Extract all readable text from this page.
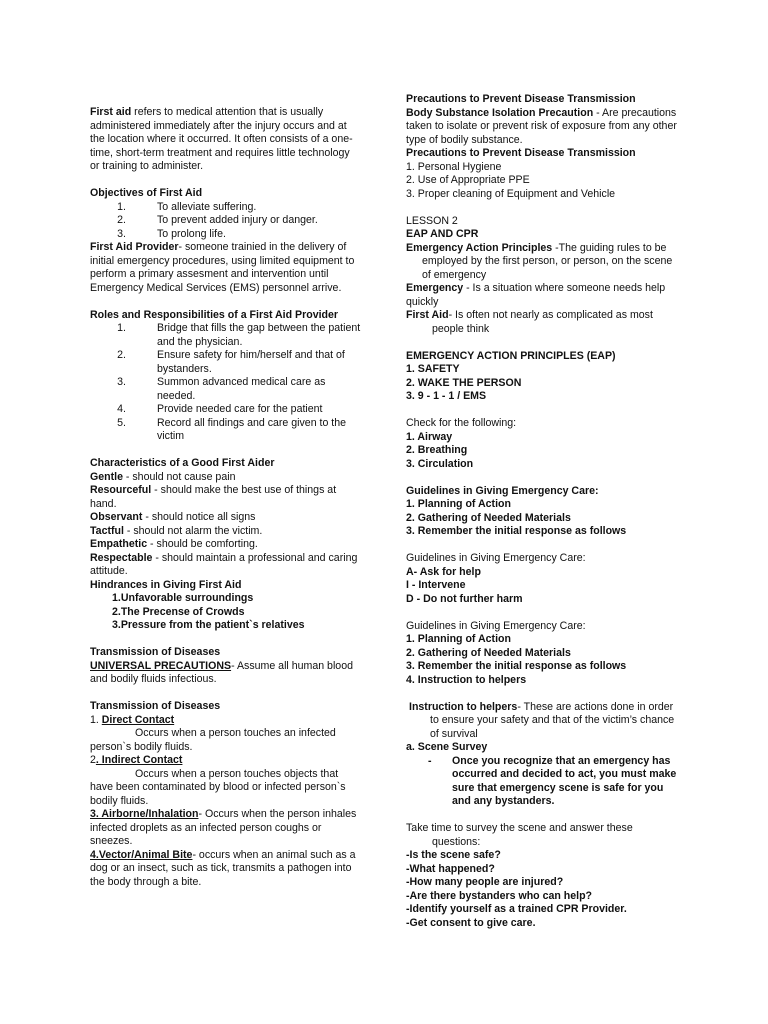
First aid refers to medical attention that is usually administered immediately after the injury occurs and at the location where it occurred. It often consists of a one-time, short-term treatment and requires little technology or training to administer.

Objectives of First Aid

1.	To alleviate suffering.
2.	To prevent added injury or danger.
3.	To prolong life.

First Aid Provider- someone trainied in the delivery of initial emergency procedures, using limited equipment to perform a primary assesment and intervention until Emergency Medical Services (EMS) personnel arrive.

Roles and Responsibilities of a First Aid Provider

1.	Bridge that fills the gap between the patient and the physician.
2.	Ensure safety for him/herself and that of bystanders.
3.	Summon advanced medical care as needed.
4.	Provide needed care for the patient
5.	Record all findings and care given to the victim

Characteristics of a Good First Aider

Gentle - should not cause pain

Resourceful - should make the best use of things at hand.

Observant - should notice all signs

Tactful - should not alarm the victim.

Empathetic - should be comforting.

Respectable - should maintain a professional and caring attitude.

Hindrances in Giving First Aid

1.Unfavorable surroundings

2.The Precense of Crowds

3.Pressure from the patient`s relatives

Transmission of Diseases

UNIVERSAL PRECAUTIONS- Assume all human blood and bodily fluids infectious.

Transmission of Diseases

1. Direct Contact

Occurs when a person touches an infected person`s bodily fluids.

2. Indirect Contact

Occurs when a person touches objects that

have been contaminated by blood or infected person`s bodily fluids.

3. Airborne/Inhalation- Occurs when the person inhales infected droplets as an infected person coughs or sneezes.

4.Vector/Animal Bite- occurs when an animal such as a dog or an insect, such as tick, transmits a pathogen into the body through a bite.

Precautions to Prevent Disease Transmission

Body Substance Isolation Precaution - Are precautions taken to isolate or prevent risk of exposure from any other type of bodily substance.

Precautions to Prevent Disease Transmission

1. Personal Hygiene

2. Use of Appropriate PPE

3. Proper cleaning of Equipment and Vehicle

LESSON 2

EAP AND CPR

Emergency Action Principles -The guiding rules to be employed by the first person, or person, on the scene of emergency

Emergency - Is a situation where someone needs help quickly

First Aid- Is often not nearly as complicated as most people think

EMERGENCY ACTION PRINCIPLES (EAP)

1. SAFETY

2. WAKE THE PERSON

3. 9 - 1 - 1 / EMS

Check for the following:

1. Airway

2. Breathing

3. Circulation

Guidelines in Giving Emergency Care:

1. Planning of Action

2. Gathering of Needed Materials

3. Remember the initial response as follows

Guidelines in Giving Emergency Care:

A- Ask for help

I - Intervene

D - Do not further harm

Guidelines in Giving Emergency Care:

1. Planning of Action

2. Gathering of Needed Materials

3. Remember the initial response as follows

4. Instruction to helpers

Instruction to helpers- These are actions done in order to ensure your safety and that of the victim’s chance of survival

a. Scene Survey

-	Once you recognize that an emergency has occurred and decided to act, you must make sure that emergency scene is safe for you and any bystanders.

Take time to survey the scene and answer these questions:

-Is the scene safe?

-What happened?

-How many people are injured?

-Are there bystanders who can help?

-Identify yourself as a trained CPR Provider.

-Get consent to give care.
